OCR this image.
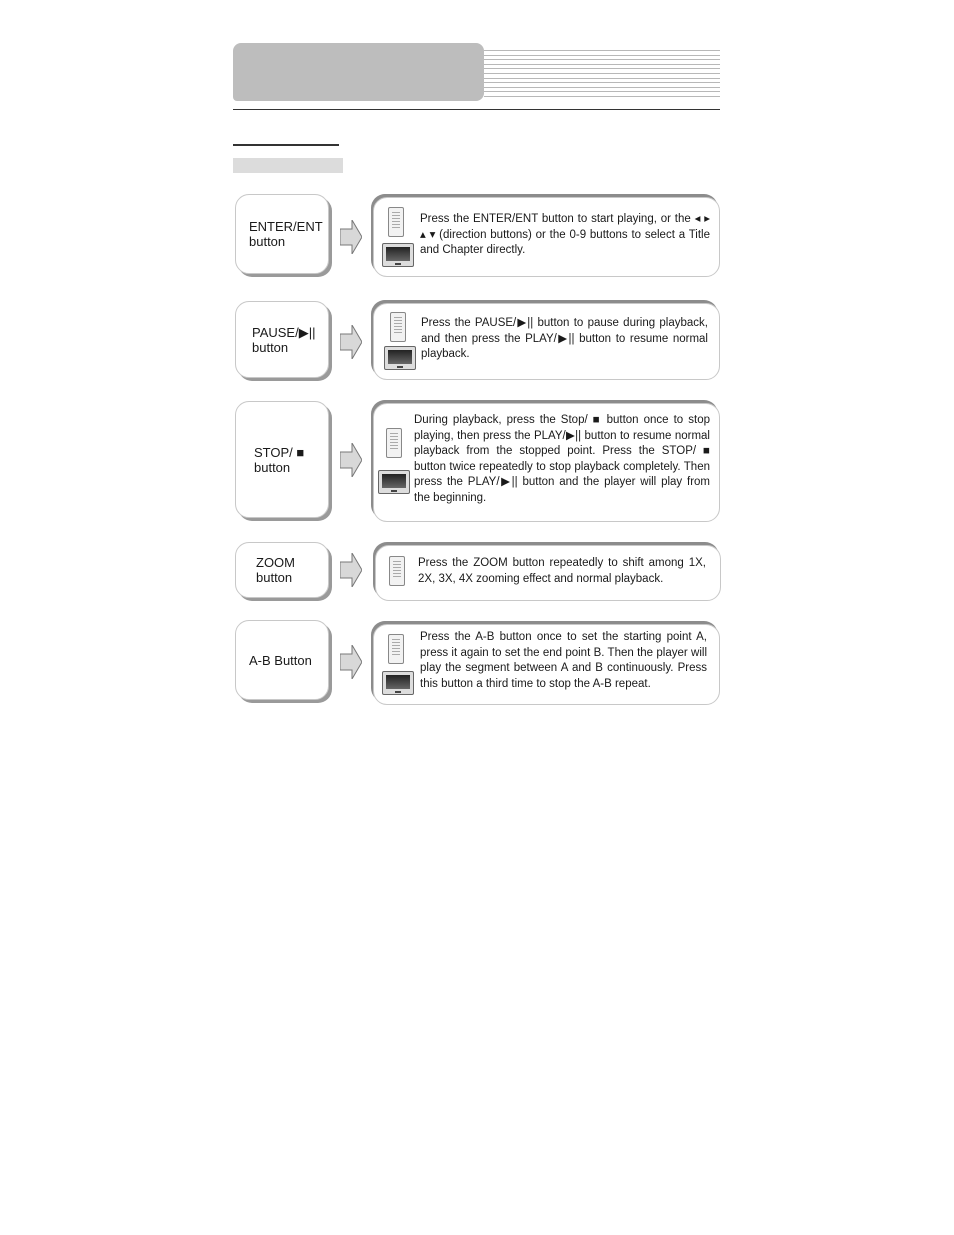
ENTER/ENT
button
Press the ENTER/ENT button to start playing, or the ◂ ▸ ▴ ▾ (direction buttons) or the 0-9 buttons to select a Title and Chapter directly.
PAUSE/▶||
button
Press the PAUSE/▶|| button to pause during playback, and then press the PLAY/▶|| button to resume normal playback.
STOP/ ■
button
During playback, press the Stop/ ■ button once to stop playing, then press the PLAY/▶|| button to resume normal playback from the stopped point. Press the STOP/ ■ button twice repeatedly to stop playback completely. Then press the PLAY/▶|| button and the player will play from the beginning.
ZOOM
button
Press the ZOOM button repeatedly to shift among 1X, 2X, 3X, 4X zooming effect and normal playback.
A-B Button
Press the A-B button once to set the starting point A, press it again to set the end point B. Then the player will play the segment between A and B continuously. Press this button a third time to stop the A-B repeat.
